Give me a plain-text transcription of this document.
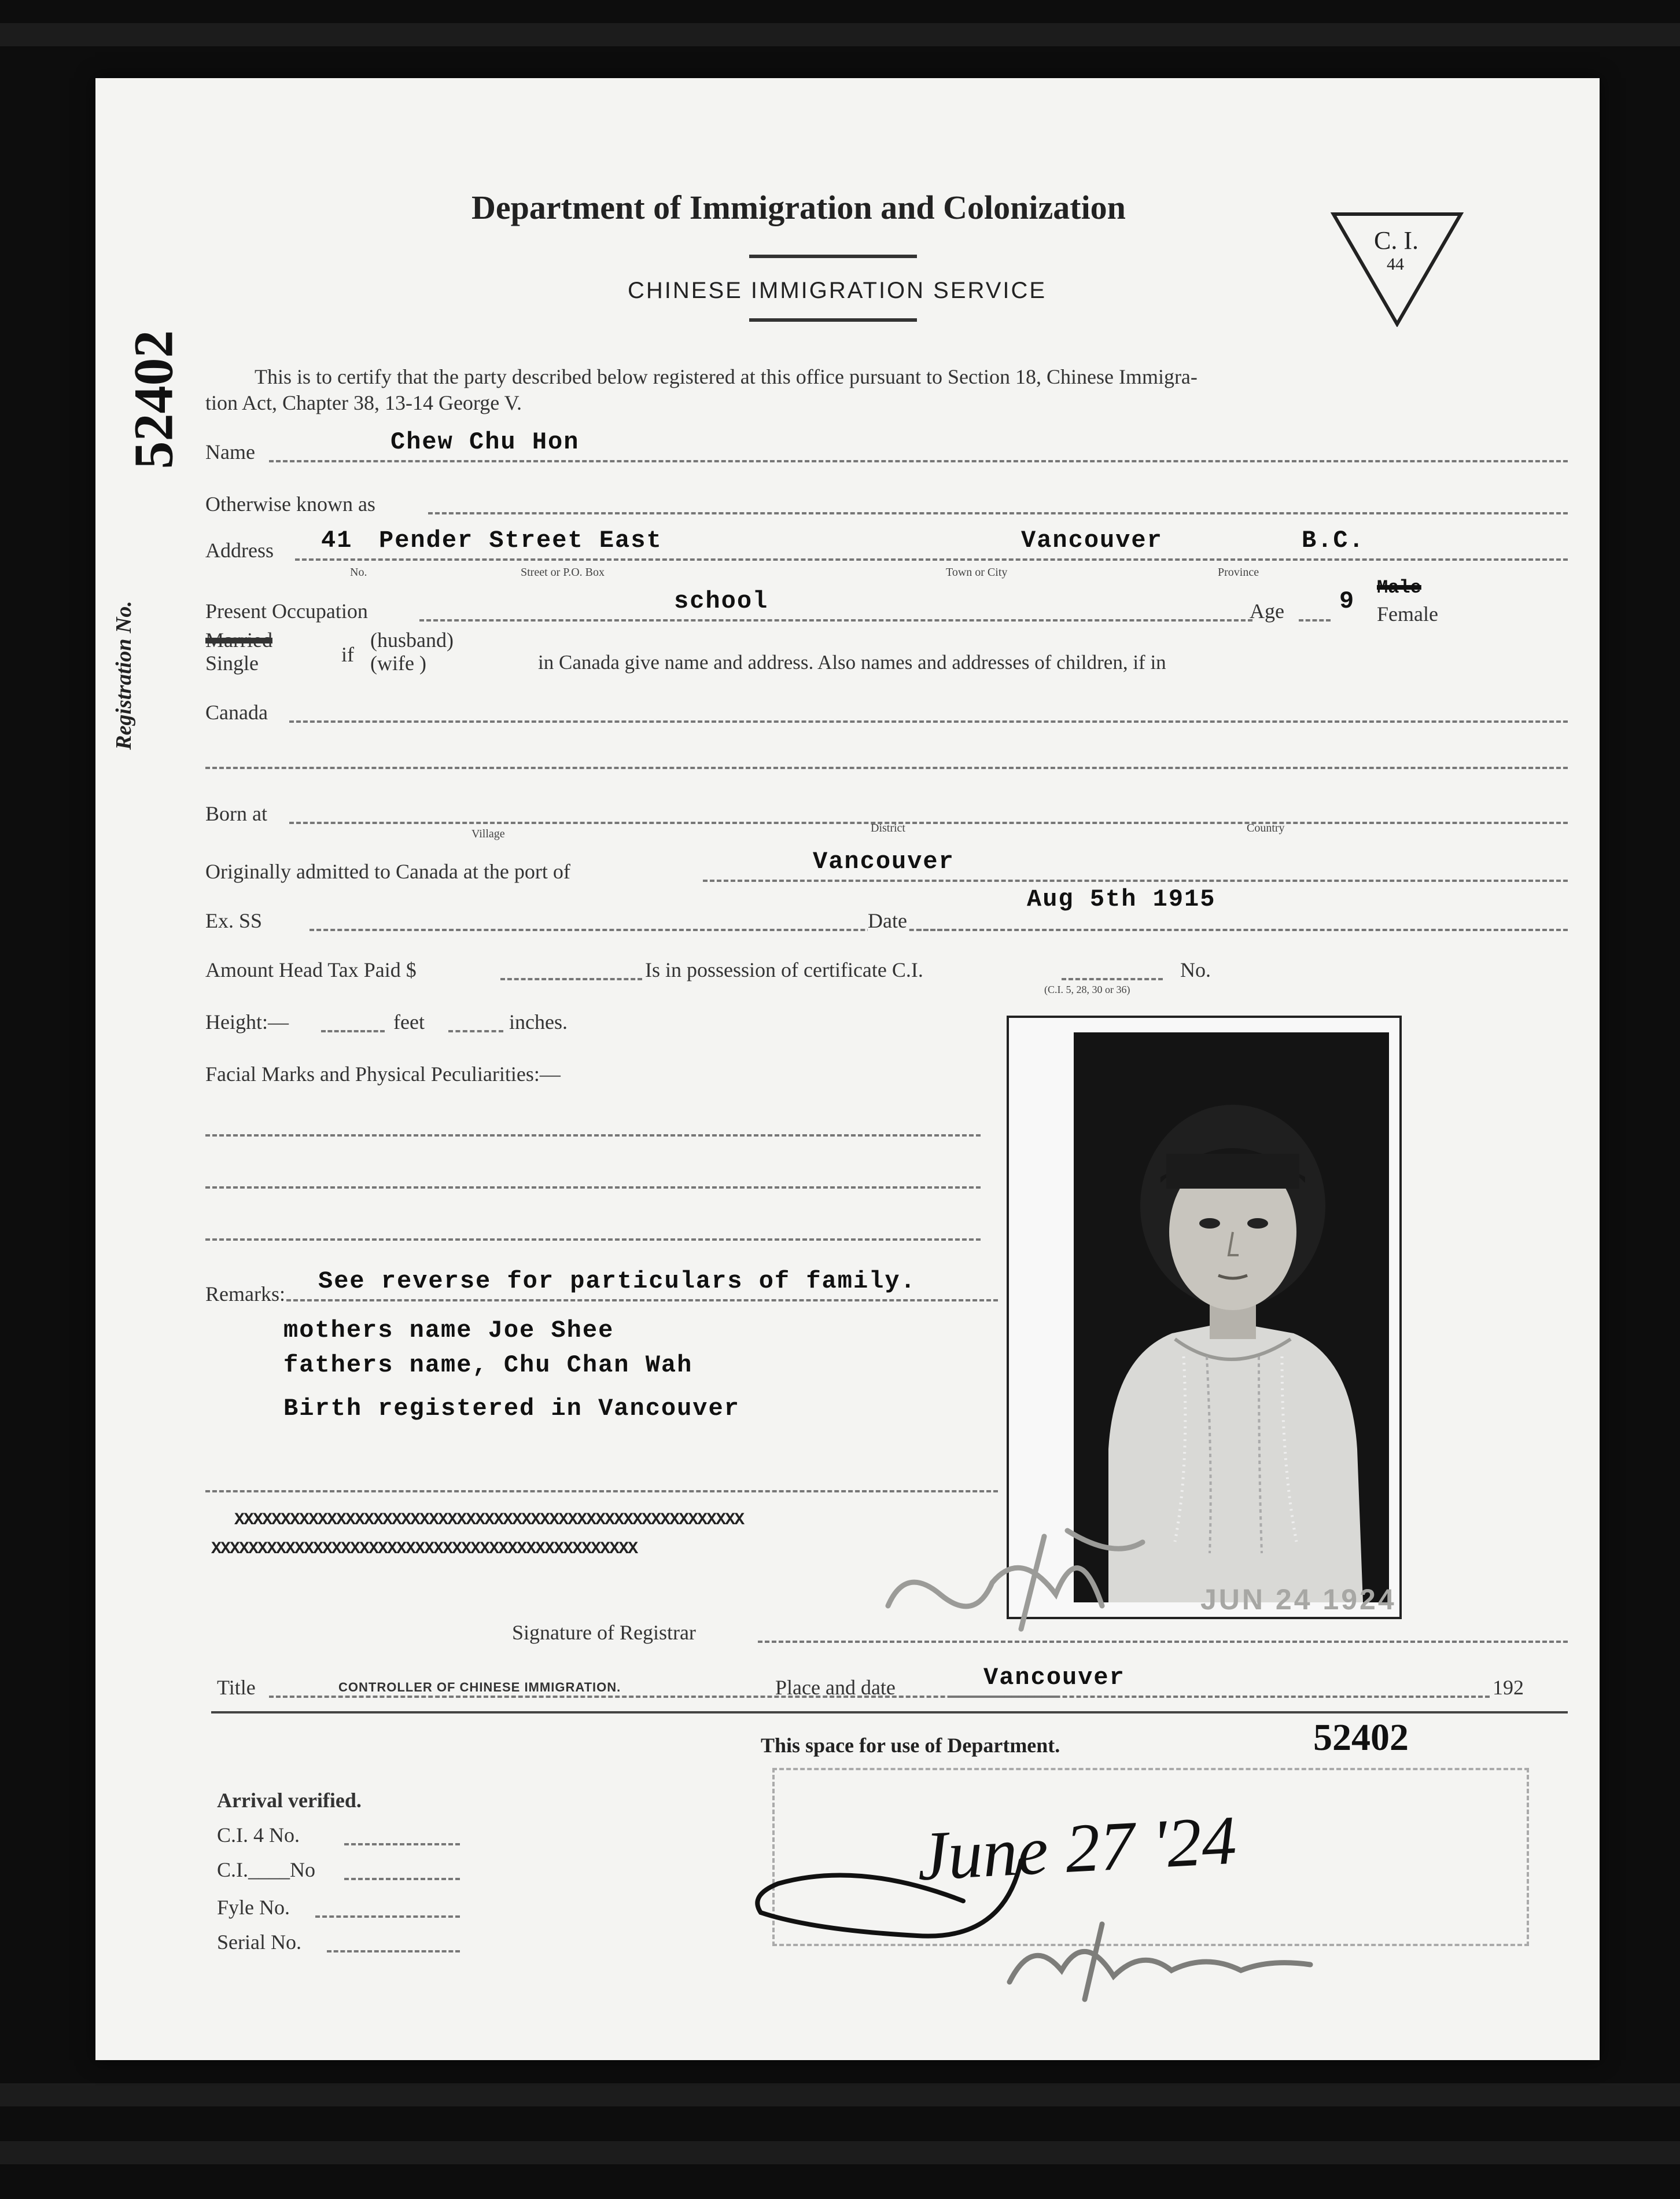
Department of Immigration and Colonization
CHINESE IMMIGRATION SERVICE
C. I.
44
52402
Registration No.
This is to certify that the party described below registered at this office pursuant to Section 18, Chinese Immigra-
tion Act, Chapter 38, 13-14 George V.
Name	Chew Chu Hon
Otherwise known as
Address 41 Pender Street East	Vancouver	B.C.
No.	Street or P.O. Box	Town or City	Province
Present Occupation	school	Age 9 Male
Female
Married
Single	if
(husband)
(wife )	in Canada give name and address. Also names and addresses of children, if in
Canada
Born at
Village	District	Country
Originally admitted to Canada at the port of	Vancouver
Ex. SS	Date
Aug 5th 1915
Amount Head Tax Paid $	Is in possession of certificate C.I.	No.
(C.I. 5, 28, 30 or 36)
Height:—	feet	inches.
Facial Marks and Physical Peculiarities:—
Remarks: See reverse for particulars of family.
mothers name Joe Shee
fathers name, Chu Chan Wah
Birth registered in Vancouver
XXXXXXXXXXXXXXXXXXXXXXXXXXXXXXXXXXXXXXXXXXXXXXXXXXXXXXX
XXXXXXXXXXXXXXXXXXXXXXXXXXXXXXXXXXXXXXXXXXXXXX
JUN 24 1924
Signature of Registrar
Title	CONTROLLER OF CHINESE IMMIGRATION.	Place and date	Vancouver	192
52402
This space for use of Department.
Arrival verified.
C.I. 4 No.
C.I.____No
Fyle No.
Serial No.
June 27 '24
